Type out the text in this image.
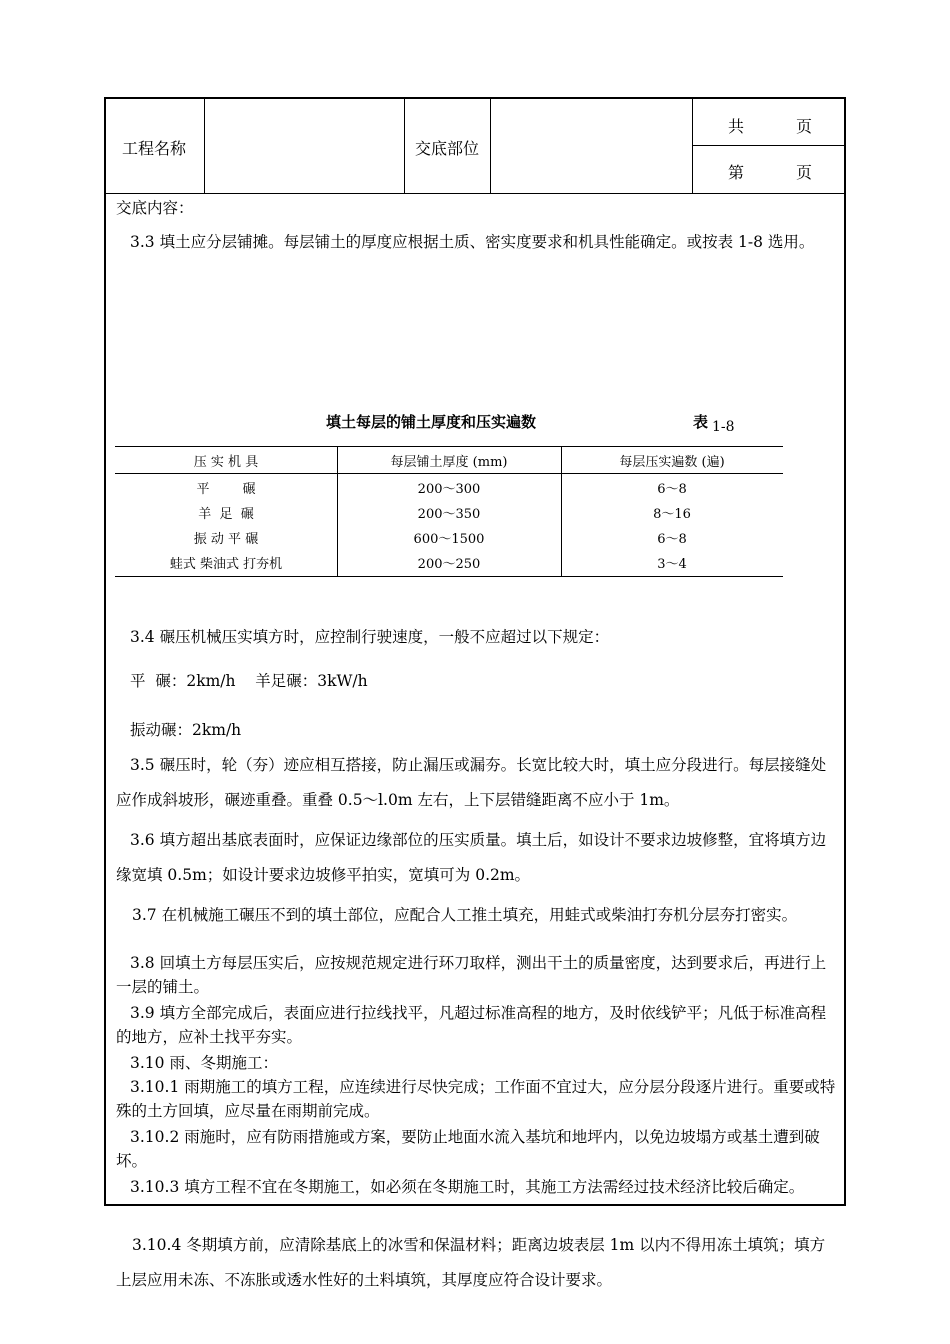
工程名称	交底部位
共	页
第	页
交底内容：
3.3 填土应分层铺摊。每层铺土的厚度应根据土质、密实度要求和机具性能确定。或按表 1-8 选用。
填土每层的铺土厚度和压实遍数	表 1-8
压 实 机 具	每层铺土厚度 (mm)	每层压实遍数 (遍)
平        碾	200～300	6～8
羊  足  碾	200～350	8～16
振 动 平 碾	600～1500	6～8
蛙式 柴油式 打夯机	200～250	3～4
3.4 碾压机械压实填方时，应控制行驶速度，一般不应超过以下规定：
平  碾：2km/h    羊足碾：3kW/h
振动碾：2km/h
3.5 碾压时，轮（夯）迹应相互搭接，防止漏压或漏夯。长宽比较大时，填土应分段进行。每层接缝处应作成斜坡形，碾迹重叠。重叠 0.5～l.0m 左右，上下层错缝距离不应小于 1m。
3.6 填方超出基底表面时，应保证边缘部位的压实质量。填土后，如设计不要求边坡修整，宜将填方边缘宽填 0.5m；如设计要求边坡修平拍实，宽填可为 0.2m。
3.7 在机械施工碾压不到的填土部位，应配合人工推土填充，用蛙式或柴油打夯机分层夯打密实。
3.8 回填土方每层压实后，应按规范规定进行环刀取样，测出干土的质量密度，达到要求后，再进行上一层的铺土。
3.9 填方全部完成后，表面应进行拉线找平，凡超过标准高程的地方，及时依线铲平；凡低于标准高程的地方，应补土找平夯实。
3.10 雨、冬期施工：
3.10.1 雨期施工的填方工程，应连续进行尽快完成；工作面不宜过大，应分层分段逐片进行。重要或特殊的土方回填，应尽量在雨期前完成。
3.10.2 雨施时，应有防雨措施或方案，要防止地面水流入基坑和地坪内，以免边坡塌方或基土遭到破坏。
3.10.3 填方工程不宜在冬期施工，如必须在冬期施工时，其施工方法需经过技术经济比较后确定。
3.10.4 冬期填方前，应清除基底上的冰雪和保温材料；距离边坡表层 1m 以内不得用冻土填筑；填方上层应用未冻、不冻胀或透水性好的土料填筑，其厚度应符合设计要求。
